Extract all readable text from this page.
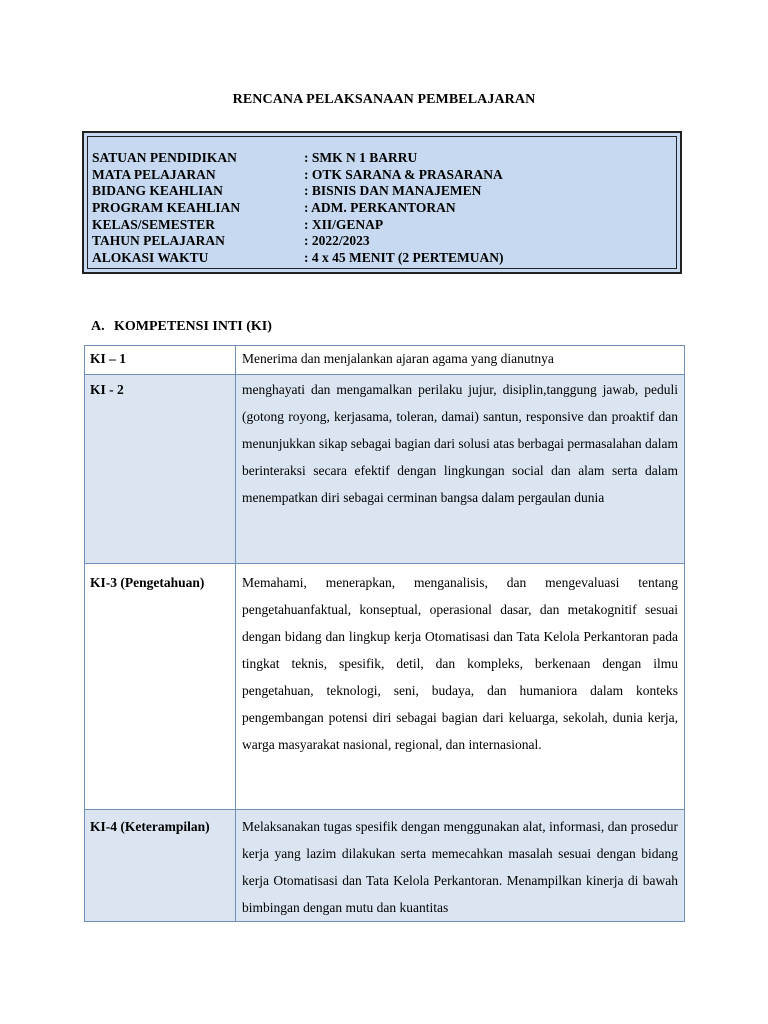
RENCANA PELAKSANAAN PEMBELAJARAN
SATUAN PENDIDIKAN	: SMK N 1 BARRU
MATA PELAJARAN	: OTK SARANA & PRASARANA
BIDANG KEAHLIAN	: BISNIS DAN MANAJEMEN
PROGRAM KEAHLIAN	: ADM. PERKANTORAN
KELAS/SEMESTER	: XII/GENAP
TAHUN PELAJARAN	: 2022/2023
ALOKASI WAKTU	: 4 x 45 MENIT (2 PERTEMUAN)
A. KOMPETENSI INTI (KI)
KI – 1	Menerima dan menjalankan ajaran agama yang dianutnya
KI - 2	menghayati dan mengamalkan perilaku jujur, disiplin,tanggung jawab, peduli (gotong royong, kerjasama, toleran, damai) santun, responsive dan proaktif dan menunjukkan sikap sebagai bagian dari solusi atas berbagai permasalahan dalam berinteraksi secara efektif dengan lingkungan social dan alam serta dalam menempatkan diri sebagai cerminan bangsa dalam pergaulan dunia
KI-3 (Pengetahuan)	Memahami, menerapkan, menganalisis, dan mengevaluasi tentang pengetahuanfaktual, konseptual, operasional dasar, dan metakognitif sesuai dengan bidang dan lingkup kerja Otomatisasi dan Tata Kelola Perkantoran pada tingkat teknis, spesifik, detil, dan kompleks, berkenaan dengan ilmu pengetahuan, teknologi, seni, budaya, dan humaniora dalam konteks pengembangan potensi diri sebagai bagian dari keluarga, sekolah, dunia kerja, warga masyarakat nasional, regional, dan internasional.
KI-4 (Keterampilan)	Melaksanakan tugas spesifik dengan menggunakan alat, informasi, dan prosedur kerja yang lazim dilakukan serta memecahkan masalah sesuai dengan bidang kerja Otomatisasi dan Tata Kelola Perkantoran. Menampilkan kinerja di bawah bimbingan dengan mutu dan kuantitas
